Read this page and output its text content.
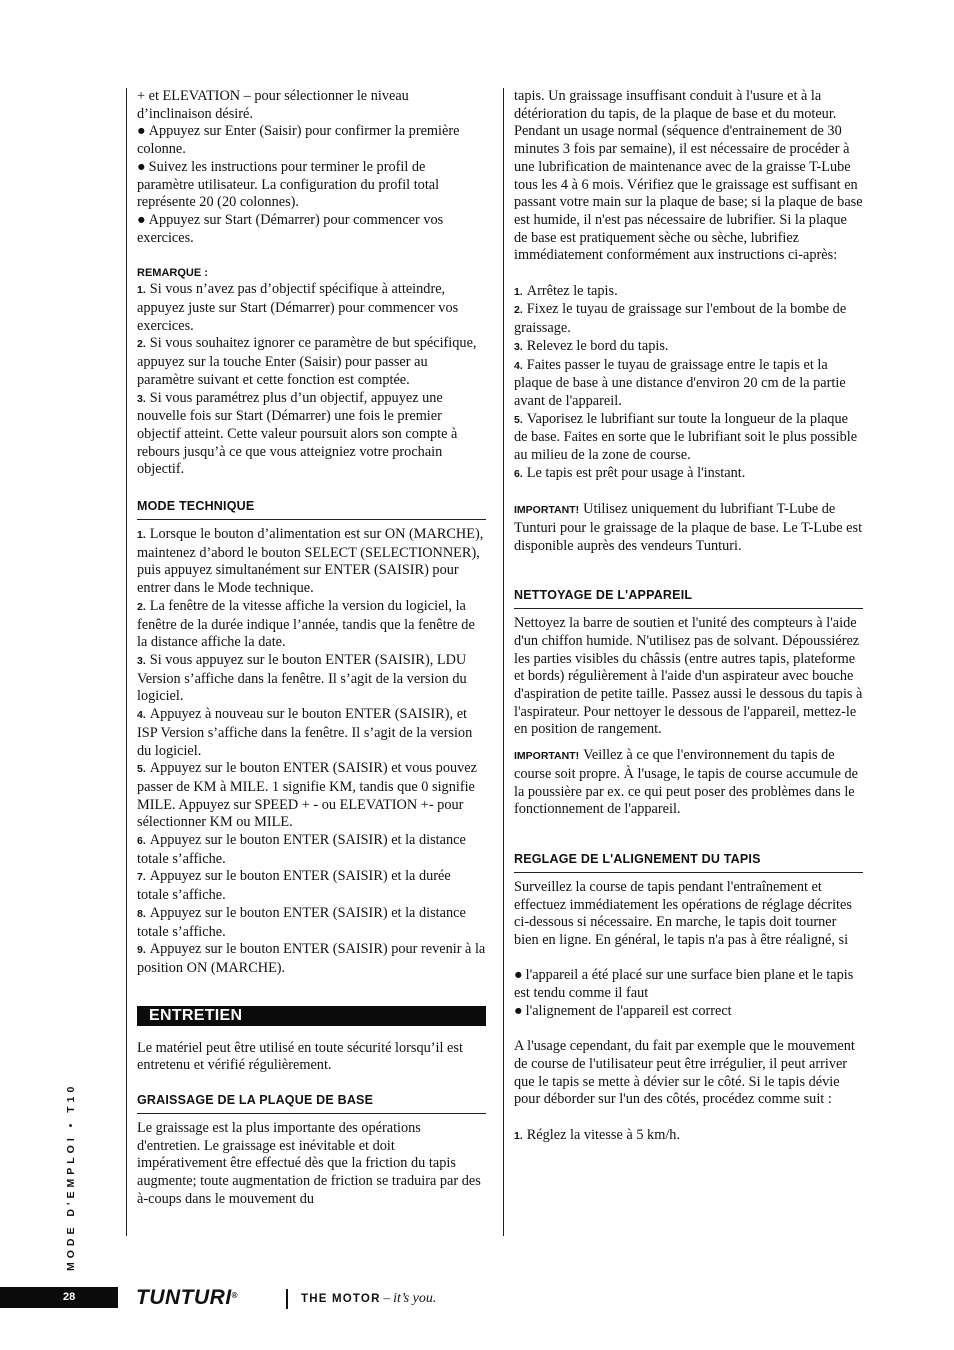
+ et ELEVATION – pour sélectionner le niveau d’inclinaison désiré.

● Appuyez sur Enter (Saisir) pour confirmer la première colonne.

● Suivez les instructions pour terminer le profil de paramètre utilisateur. La configuration du profil total représente 20 (20 colonnes).

● Appuyez sur Start (Démarrer) pour commencer vos exercices.

REMARQUE :

1. Si vous n’avez pas d’objectif spécifique à atteindre, appuyez juste sur Start (Démarrer) pour commencer vos exercices.

2. Si vous souhaitez ignorer ce paramètre de but spécifique, appuyez sur la touche Enter (Saisir) pour passer au paramètre suivant et cette fonction est comptée.

3. Si vous paramétrez plus d’un objectif, appuyez une nouvelle fois sur Start (Démarrer) une fois le premier objectif atteint. Cette valeur poursuit alors son compte à rebours jusqu’à ce que vous atteigniez votre prochain objectif.

MODE TECHNIQUE

1. Lorsque le bouton d’alimentation est sur ON (MARCHE), maintenez d’abord le bouton SELECT (SELECTIONNER), puis appuyez simultanément sur ENTER (SAISIR) pour entrer dans le Mode technique.

2. La fenêtre de la vitesse affiche la version du logiciel, la fenêtre de la durée indique l’année, tandis que la fenêtre de la distance affiche la date.

3. Si vous appuyez sur le bouton ENTER (SAISIR), LDU Version s’affiche dans la fenêtre. Il s’agit de la version du logiciel.

4. Appuyez à nouveau sur le bouton ENTER (SAISIR), et ISP Version s’affiche dans la fenêtre. Il s’agit de la version du logiciel.

5. Appuyez sur le bouton ENTER (SAISIR) et vous pouvez passer de KM à MILE. 1 signifie KM, tandis que 0 signifie MILE. Appuyez sur SPEED + - ou ELEVATION +- pour sélectionner KM ou MILE.

6. Appuyez sur le bouton ENTER (SAISIR) et la distance totale s’affiche.

7. Appuyez sur le bouton ENTER (SAISIR) et la durée totale s’affiche.

8. Appuyez sur le bouton ENTER (SAISIR) et la distance totale s’affiche.

9. Appuyez sur le bouton ENTER (SAISIR) pour revenir à la position ON (MARCHE).

ENTRETIEN

Le matériel peut être utilisé en toute sécurité lorsqu’il est entretenu et vérifié régulièrement.

GRAISSAGE DE LA PLAQUE DE BASE

Le graissage est la plus importante des opérations d'entretien. Le graissage est inévitable et doit impérativement être effectué dès que la friction du tapis augmente; toute augmentation de friction se traduira par des à-coups dans le mouvement du

tapis. Un graissage insuffisant conduit à l'usure et à la détérioration du tapis, de la plaque de base et du moteur. Pendant un usage normal (séquence d'entrainement de 30 minutes 3 fois par semaine), il est nécessaire de procéder à une lubrification de maintenance avec de la graisse T-Lube tous les 4 à 6 mois. Vérifiez que le graissage est suffisant en passant votre main sur la plaque de base; si la plaque de base est humide, il n'est pas nécessaire de lubrifier. Si la plaque de base est pratiquement sèche ou sèche, lubrifiez immédiatement conformément aux instructions ci-après:

1. Arrêtez le tapis.

2. Fixez le tuyau de graissage sur l'embout de la bombe de graissage.

3. Relevez le bord du tapis.

4. Faites passer le tuyau de graissage entre le tapis et la plaque de base à une distance d'environ 20 cm de la partie avant de l'appareil.

5. Vaporisez le lubrifiant sur toute la longueur de la plaque de base. Faites en sorte que le lubrifiant soit le plus possible au milieu de la zone de course.

6. Le tapis est prêt pour usage à l'instant.

IMPORTANT! Utilisez uniquement du lubrifiant T-Lube de Tunturi pour le graissage de la plaque de base. Le T-Lube est disponible auprès des vendeurs Tunturi.

NETTOYAGE DE L'APPAREIL

Nettoyez la barre de soutien et l'unité des compteurs à l'aide d'un chiffon humide. N'utilisez pas de solvant. Dépoussiérez les parties visibles du châssis (entre autres tapis, plateforme et bords) régulièrement à l'aide d'un aspirateur avec bouche d'aspiration de petite taille. Passez aussi le dessous du tapis à l'aspirateur. Pour nettoyer le dessous de l'appareil, mettez-le en position de rangement.

IMPORTANT! Veillez à ce que l'environnement du tapis de course soit propre. À l'usage, le tapis de course accumule de la poussière par ex. ce qui peut poser des problèmes dans le fonctionnement de l'appareil.

REGLAGE DE L'ALIGNEMENT DU TAPIS

Surveillez la course de tapis pendant l'entraînement et effectuez immédiatement les opérations de réglage décrites ci-dessous si nécessaire. En marche, le tapis doit tourner bien en ligne. En général, le tapis n'a pas à être réaligné, si

● l'appareil a été placé sur une surface bien plane et le tapis est tendu comme il faut

● l'alignement de l'appareil est correct

A l'usage cependant, du fait par exemple que le mouvement de course de l'utilisateur peut être irrégulier, il peut arriver que le tapis se mette à dévier sur le côté. Si le tapis dévie pour déborder sur l'un des côtés, procédez comme suit :

1. Réglez la vitesse à 5 km/h.

MODE D'EMPLOI • T10
28	TUNTURI®	THE MOTOR – it’s you.
